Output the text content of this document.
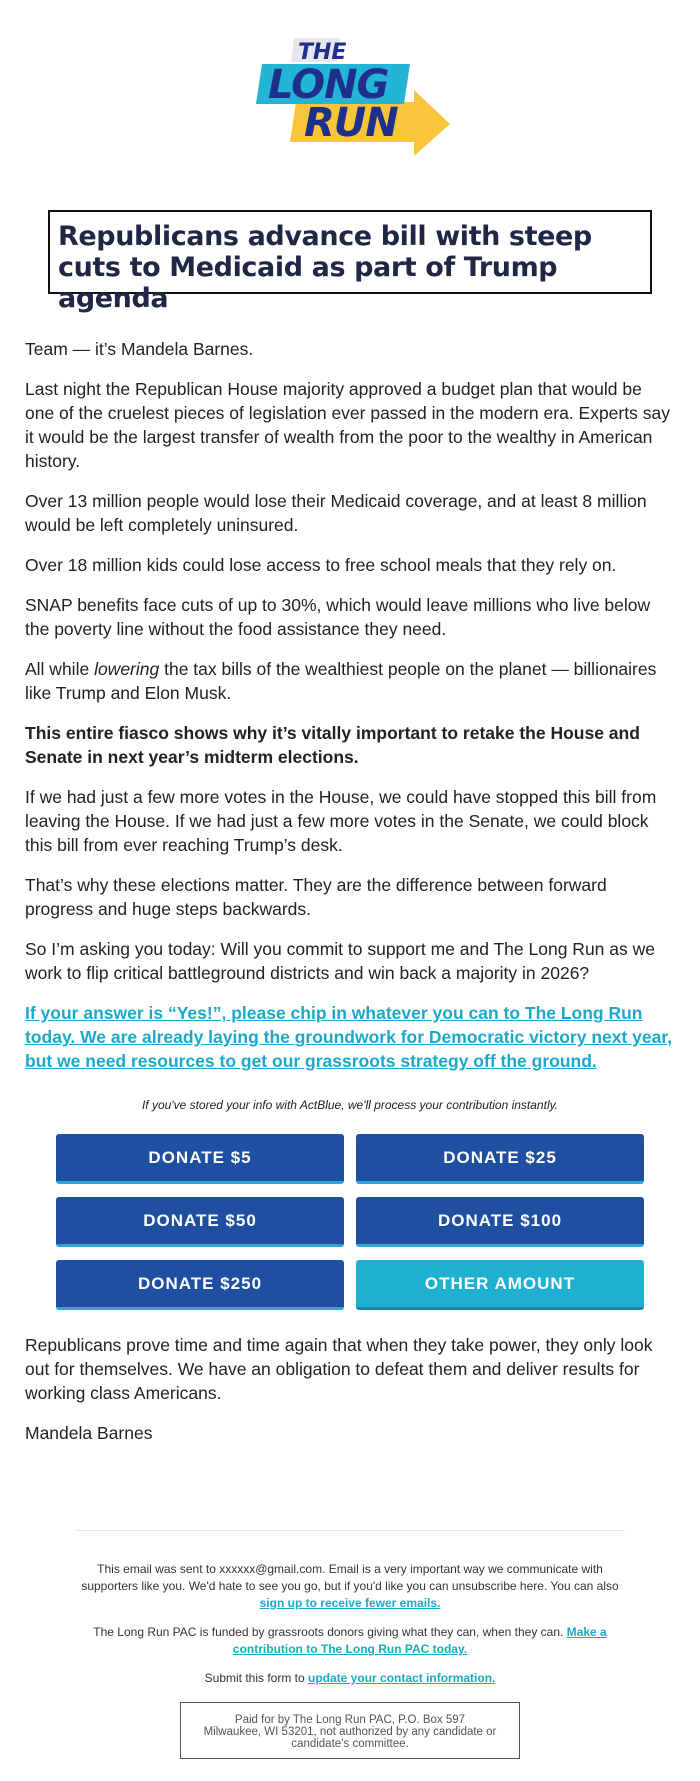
THE
LONG
RUN
Republicans advance bill with steep cuts to Medicaid as part of Trump agenda

Team — it’s Mandela Barnes.

Last night the Republican House majority approved a budget plan that would be one of the cruelest pieces of legislation ever passed in the modern era. Experts say it would be the largest transfer of wealth from the poor to the wealthy in American history.

Over 13 million people would lose their Medicaid coverage, and at least 8 million would be left completely uninsured.

Over 18 million kids could lose access to free school meals that they rely on.

SNAP benefits face cuts of up to 30%, which would leave millions who live below the poverty line without the food assistance they need.

All while lowering the tax bills of the wealthiest people on the planet — billionaires like Trump and Elon Musk.

This entire fiasco shows why it’s vitally important to retake the House and Senate in next year’s midterm elections.

If we had just a few more votes in the House, we could have stopped this bill from leaving the House. If we had just a few more votes in the Senate, we could block this bill from ever reaching Trump’s desk.

That’s why these elections matter. They are the difference between forward progress and huge steps backwards.

So I’m asking you today: Will you commit to support me and The Long Run as we work to flip critical battleground districts and win back a majority in 2026?

If your answer is “Yes!”, please chip in whatever you can to The Long Run today. We are already laying the groundwork for Democratic victory next year, but we need resources to get our grassroots strategy off the ground.

If you've stored your info with ActBlue, we'll process your contribution instantly.
DONATE $5	DONATE $25
DONATE $50	DONATE $100
DONATE $250	OTHER AMOUNT

Republicans prove time and time again that when they take power, they only look out for themselves. We have an obligation to defeat them and deliver results for working class Americans.

Mandela Barnes

This email was sent to xxxxxx@gmail.com. Email is a very important way we communicate with supporters like you. We'd hate to see you go, but if you'd like you can unsubscribe here. You can also
sign up to receive fewer emails.

The Long Run PAC is funded by grassroots donors giving what they can, when they can. Make a contribution to The Long Run PAC today.

Submit this form to update your contact information.

Paid for by The Long Run PAC, P.O. Box 597
Milwaukee, WI 53201, not authorized by any candidate or candidate’s committee.
